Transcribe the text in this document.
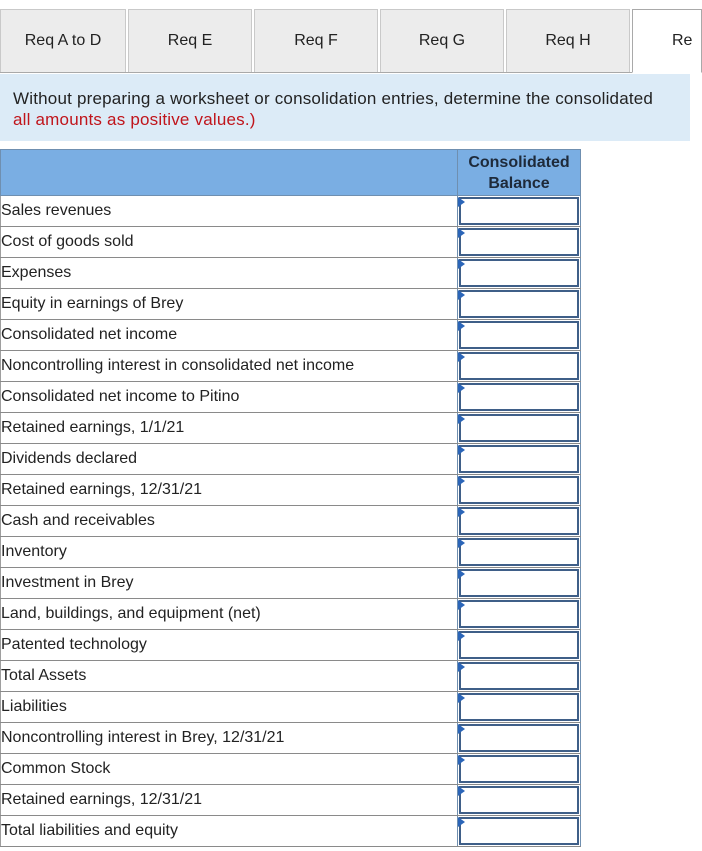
Req A to D	Req E	Req F	Req G	Req H	Re
Without preparing a worksheet or consolidation entries, determine the consolidated
all amounts as positive values.)
	Consolidated
Balance
Sales revenues	

Cost of goods sold	

Expenses	

Equity in earnings of Brey	

Consolidated net income	

Noncontrolling interest in consolidated net income	

Consolidated net income to Pitino	

Retained earnings, 1/1/21	

Dividends declared	

Retained earnings, 12/31/21	

Cash and receivables	

Inventory	

Investment in Brey	

Land, buildings, and equipment (net)	

Patented technology	

Total Assets	

Liabilities	

Noncontrolling interest in Brey, 12/31/21	

Common Stock	

Retained earnings, 12/31/21	

Total liabilities and equity	
